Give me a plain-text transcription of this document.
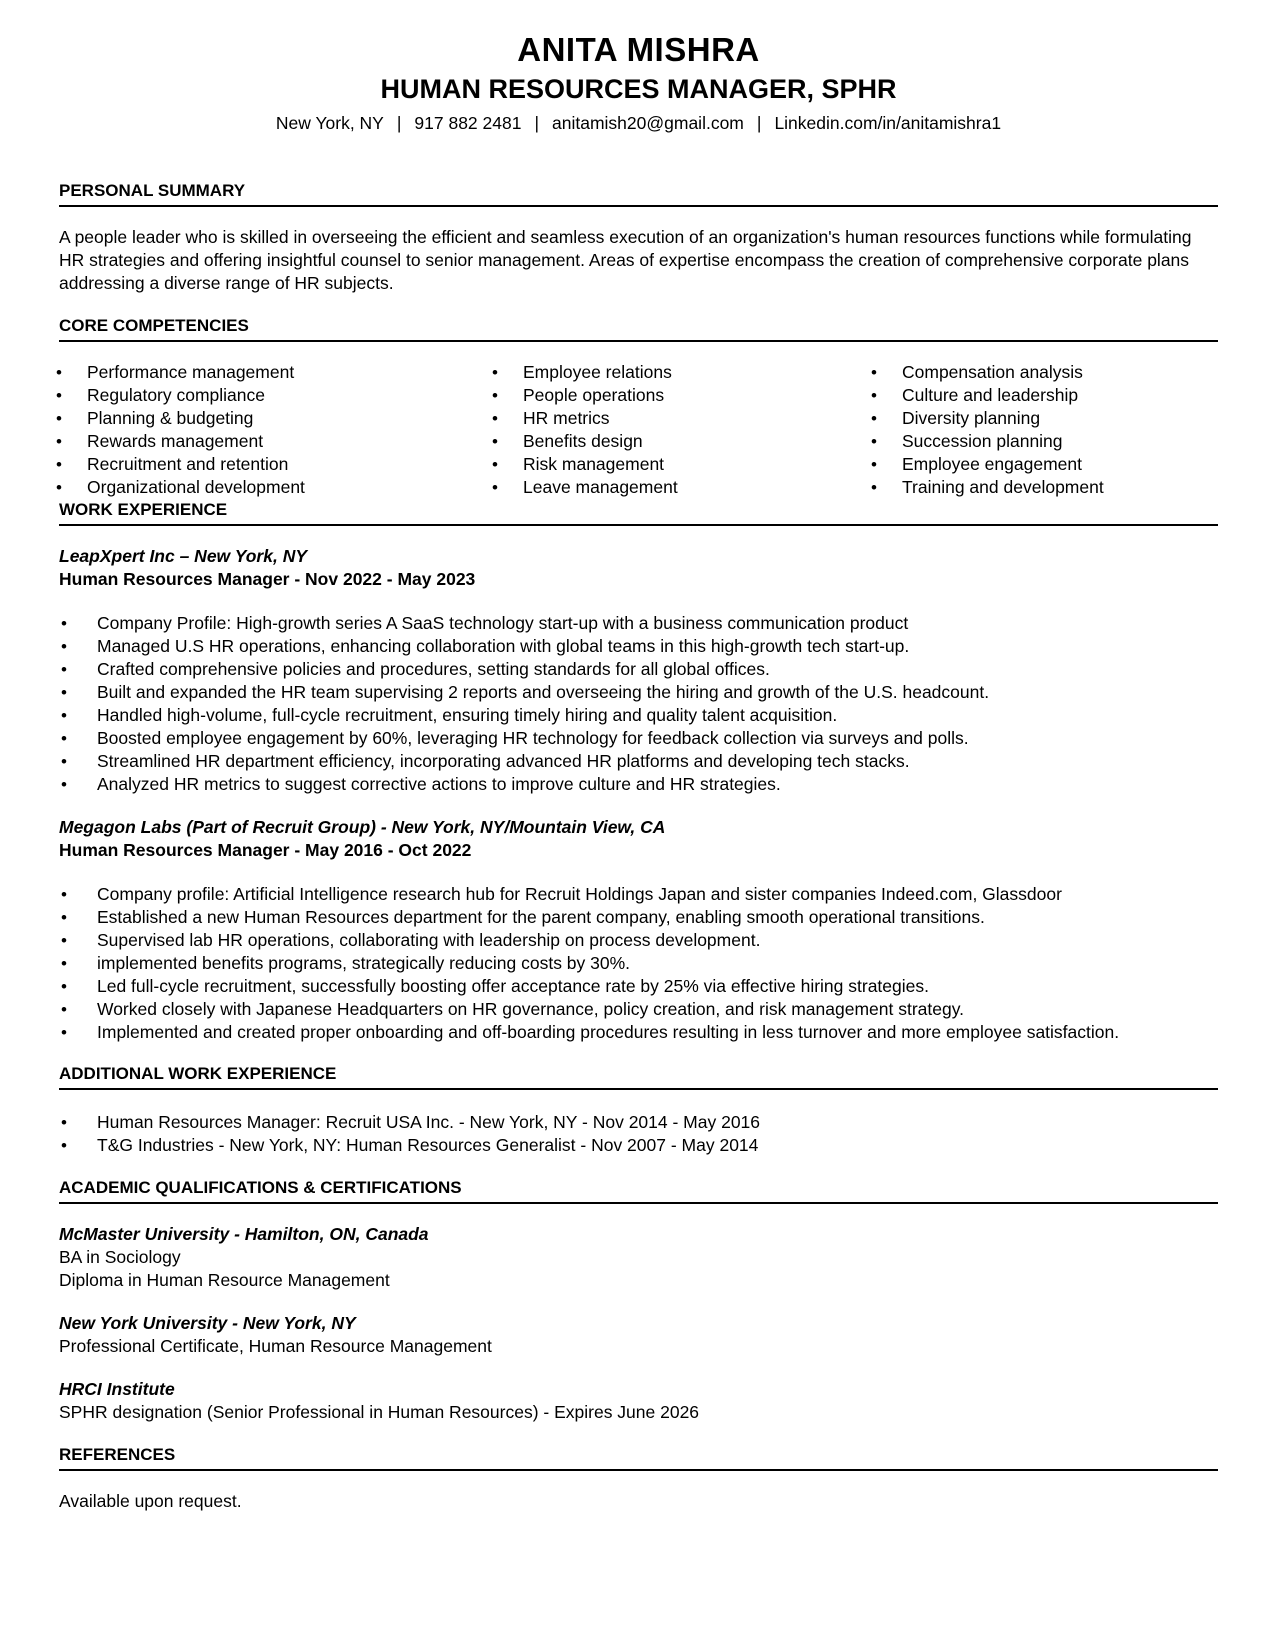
ANITA MISHRA
HUMAN RESOURCES MANAGER, SPHR
New York, NY | 917 882 2481 | anitamish20@gmail.com | Linkedin.com/in/anitamishra1
PERSONAL SUMMARY
A people leader who is skilled in overseeing the efficient and seamless execution of an organization's human resources functions while formulating HR strategies and offering insightful counsel to senior management. Areas of expertise encompass the creation of comprehensive corporate plans addressing a diverse range of HR subjects.
CORE COMPETENCIES
• Performance management
• Regulatory compliance
• Planning & budgeting
• Rewards management
• Recruitment and retention
• Organizational development
• Employee relations
• People operations
• HR metrics
• Benefits design
• Risk management
• Leave management
• Compensation analysis
• Culture and leadership
• Diversity planning
• Succession planning
• Employee engagement
• Training and development
WORK EXPERIENCE
LeapXpert Inc – New York, NY
Human Resources Manager - Nov 2022 - May 2023
• Company Profile: High-growth series A SaaS technology start-up with a business communication product
• Managed U.S HR operations, enhancing collaboration with global teams in this high-growth tech start-up.
• Crafted comprehensive policies and procedures, setting standards for all global offices.
• Built and expanded the HR team supervising 2 reports and overseeing the hiring and growth of the U.S. headcount.
• Handled high-volume, full-cycle recruitment, ensuring timely hiring and quality talent acquisition.
• Boosted employee engagement by 60%, leveraging HR technology for feedback collection via surveys and polls.
• Streamlined HR department efficiency, incorporating advanced HR platforms and developing tech stacks.
• Analyzed HR metrics to suggest corrective actions to improve culture and HR strategies.
Megagon Labs (Part of Recruit Group) - New York, NY/Mountain View, CA
Human Resources Manager - May 2016 - Oct 2022
• Company profile: Artificial Intelligence research hub for Recruit Holdings Japan and sister companies Indeed.com, Glassdoor
• Established a new Human Resources department for the parent company, enabling smooth operational transitions.
• Supervised lab HR operations, collaborating with leadership on process development.
• implemented benefits programs, strategically reducing costs by 30%.
• Led full-cycle recruitment, successfully boosting offer acceptance rate by 25% via effective hiring strategies.
• Worked closely with Japanese Headquarters on HR governance, policy creation, and risk management strategy.
• Implemented and created proper onboarding and off-boarding procedures resulting in less turnover and more employee satisfaction.
ADDITIONAL WORK EXPERIENCE
• Human Resources Manager: Recruit USA Inc. - New York, NY - Nov 2014 - May 2016
• T&G Industries - New York, NY: Human Resources Generalist - Nov 2007 - May 2014
ACADEMIC QUALIFICATIONS & CERTIFICATIONS
McMaster University - Hamilton, ON, Canada
BA in Sociology
Diploma in Human Resource Management
New York University - New York, NY
Professional Certificate, Human Resource Management
HRCI Institute
SPHR designation (Senior Professional in Human Resources) - Expires June 2026
REFERENCES
Available upon request.
